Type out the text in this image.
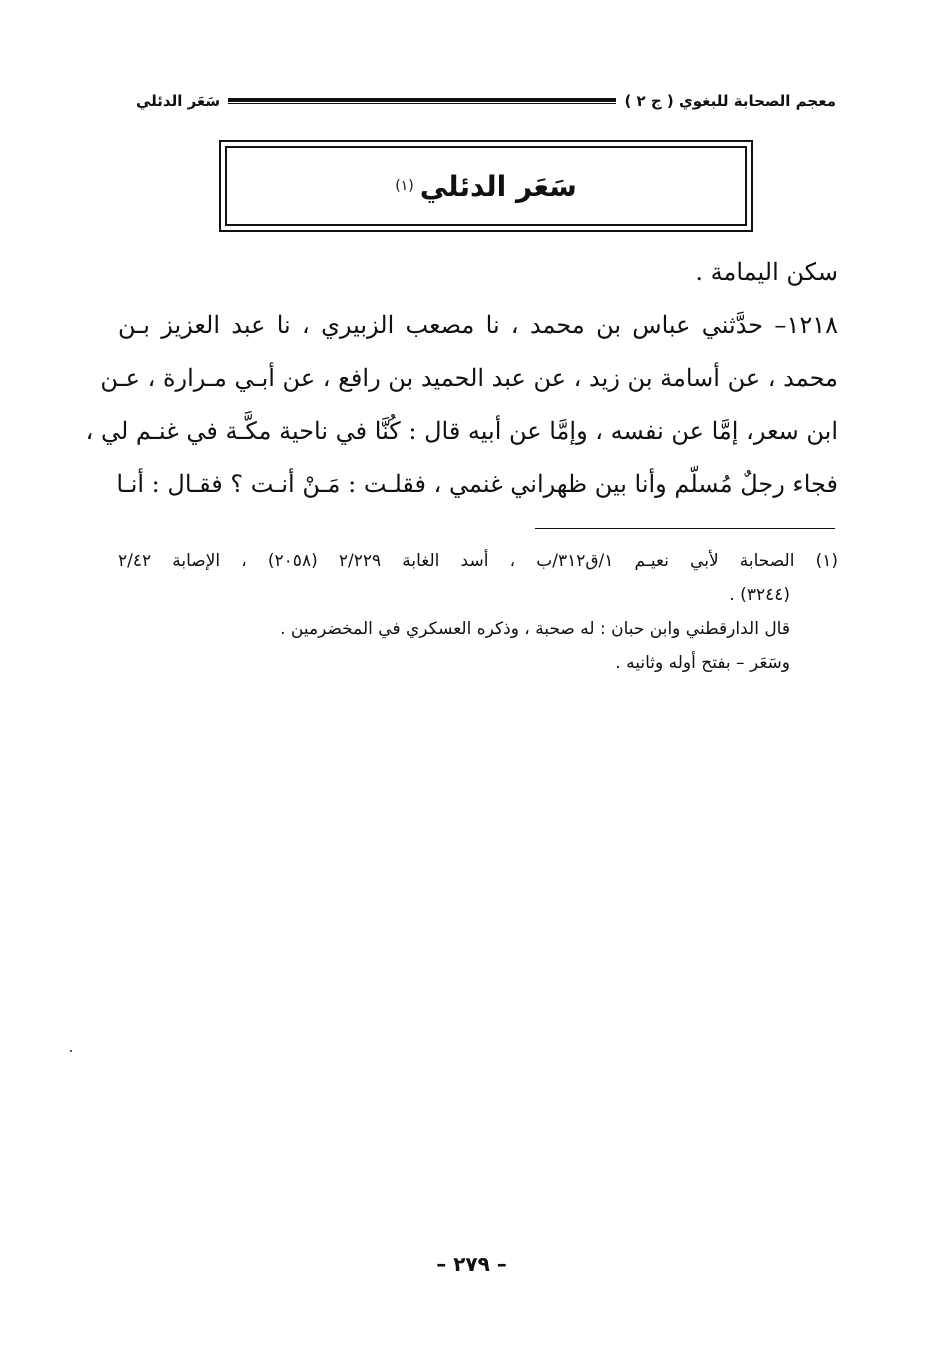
معجم الصحابة للبغوي ( ج ٢ )
سَعَر الدئلي
سَعَر الدئلي
(١)
سكن اليمامة .
١٢١٨– حدَّثني عباس بن محمد ، نا مصعب الزبيري ، نا عبد العزيز بـن
محمد ، عن أسامة بن زيد ، عن عبد الحميد بن رافع ، عن أبـي مـرارة ، عـن
ابن سعر، إمَّا عن نفسه ، وإمَّا عن أبيه قال : كُنَّا في ناحية مكَّـة في غنـم لي ،
فجاء رجلٌ مُسلّم وأنا بين ظهراني غنمي ، فقلـت : مَـنْ أنـت ؟ فقـال : أنـا
(١) الصحابة لأبي نعيـم ١/ق٣١٢/ب ، أسد الغابة ٢/٢٢٩ (٢٠٥٨) ، الإصابة ٢/٤٢
(٣٢٤٤) .
قال الدارقطني وابن حبان : له صحبة ، وذكره العسكري في المخضرمين .
وسَعَر – بفتح أوله وثانيه .
– ٢٧٩ –
